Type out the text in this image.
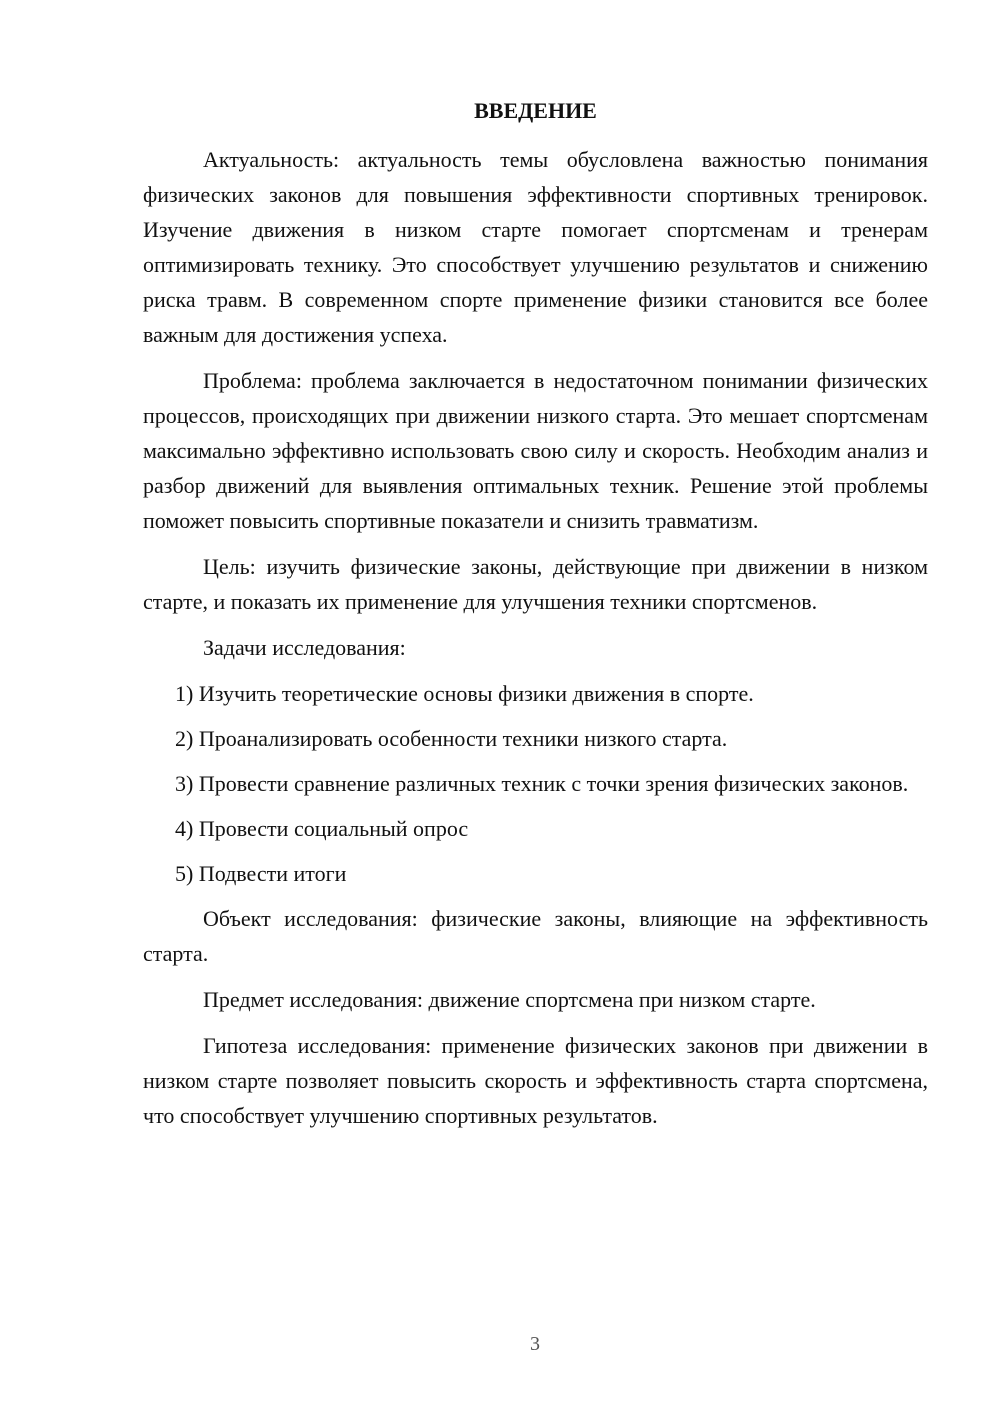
ВВЕДЕНИЕ

Актуальность: актуальность темы обусловлена важностью понимания физических законов для повышения эффективности спортивных тренировок. Изучение движения в низком старте помогает спортсменам и тренерам оптимизировать технику. Это способствует улучшению результатов и снижению риска травм. В современном спорте применение физики становится все более важным для достижения успеха.

Проблема: проблема заключается в недостаточном понимании физических процессов, происходящих при движении низкого старта. Это мешает спортсменам максимально эффективно использовать свою силу и скорость. Необходим анализ и разбор движений для выявления оптимальных техник. Решение этой проблемы поможет повысить спортивные показатели и снизить травматизм.

Цель: изучить физические законы, действующие при движении в низком старте, и показать их применение для улучшения техники спортсменов.

Задачи исследования:

1) Изучить теоретические основы физики движения в спорте.

2) Проанализировать особенности техники низкого старта.

3) Провести сравнение различных техник с точки зрения физических законов.

4) Провести социальный опрос

5) Подвести итоги

Объект исследования: физические законы, влияющие на эффективность старта.

Предмет исследования: движение спортсмена при низком старте.

Гипотеза исследования: применение физических законов при движении в низком старте позволяет повысить скорость и эффективность старта спортсмена, что способствует улучшению спортивных результатов.

3
